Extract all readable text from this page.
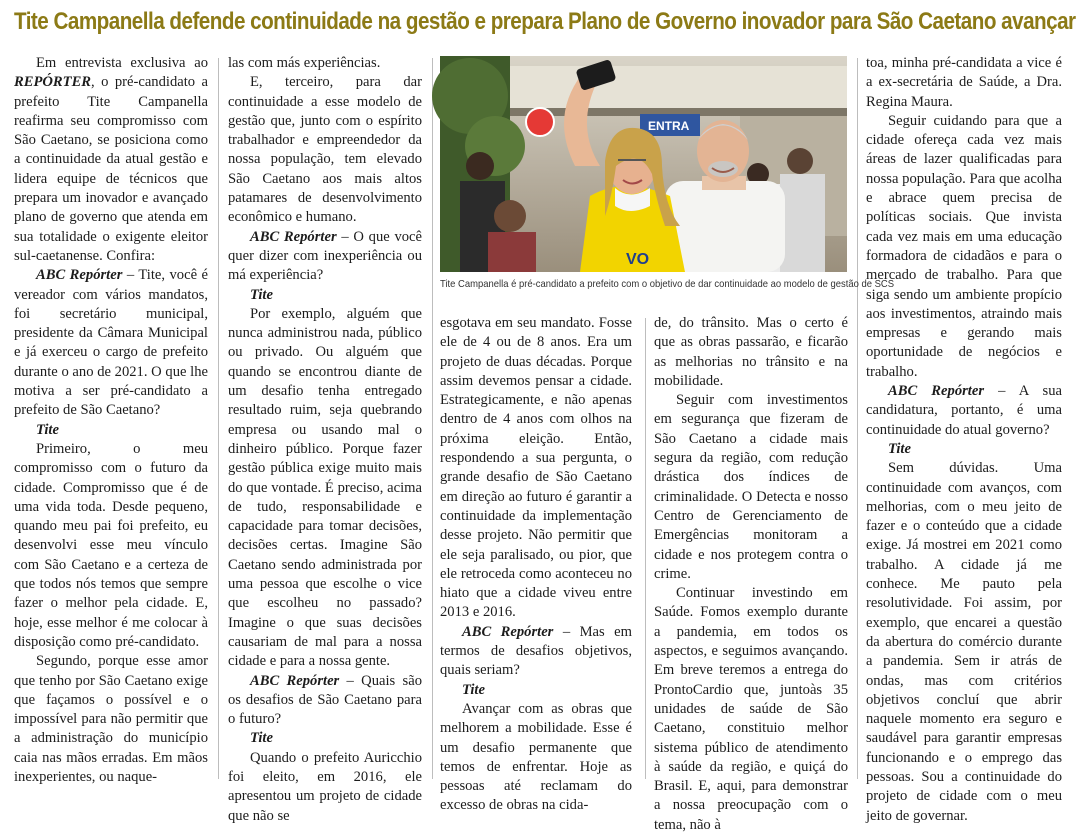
Tite Campanella defende continuidade na gestão e prepara Plano de Governo inovador para São Caetano avançar

Em entrevista exclusiva ao REPÓRTER, o pré-candidato a prefeito Tite Campanella reafirma seu compromisso com São Caetano, se posiciona como a continuidade da atual gestão e lidera equipe de técnicos que prepara um inovador e avançado plano de governo que atenda em sua totalidade o exigente eleitor sul-caetanense. Confira:

ABC Repórter – Tite, você é vereador com vários mandatos, foi secretário municipal, presidente da Câmara Municipal e já exerceu o cargo de prefeito durante o ano de 2021. O que lhe motiva a ser pré-candidato a prefeito de São Caetano?

Tite

Primeiro, o meu compromisso com o futuro da cidade. Compromisso que é de uma vida toda. Desde pequeno, quando meu pai foi prefeito, eu desenvolvi esse meu vínculo com São Caetano e a certeza de que todos nós temos que sempre fazer o melhor pela cidade. E, hoje, esse melhor é me colocar à disposição como pré-candidato.

Segundo, porque esse amor que tenho por São Caetano exige que façamos o possível e o impossível para não permitir que a administração do município caia nas mãos erradas. Em mãos inexperientes, ou naque-

las com más experiências.

E, terceiro, para dar continuidade a esse modelo de gestão que, junto com o espírito trabalhador e empreendedor da nossa população, tem elevado São Caetano aos mais altos patamares de desenvolvimento econômico e humano.

ABC Repórter – O que você quer dizer com inexperiência ou má experiência?

Tite

Por exemplo, alguém que nunca administrou nada, público ou privado. Ou alguém que quando se encontrou diante de um desafio tenha entregado resultado ruim, seja quebrando empresa ou usando mal o dinheiro público. Porque fazer gestão pública exige muito mais do que vontade. É preciso, acima de tudo, responsabilidade e capacidade para tomar decisões, decisões certas. Imagine São Caetano sendo administrada por uma pessoa que escolhe o vice que escolheu no passado? Imagine o que suas decisões causariam de mal para a nossa cidade e para a nossa gente.

ABC Repórter – Quais são os desafios de São Caetano para o futuro?

Tite

Quando o prefeito Auricchio foi eleito, em 2016, ele apresentou um projeto de cidade que não se

ENTRA
VO
Tite Campanella é pré-candidato a prefeito com o objetivo de dar continuidade ao modelo de gestão de SCS

esgotava em seu mandato. Fosse ele de 4 ou de 8 anos. Era um projeto de duas décadas. Porque assim devemos pensar a cidade. Estrategicamente, e não apenas dentro de 4 anos com olhos na próxima eleição. Então, respondendo a sua pergunta, o grande desafio de São Caetano em direção ao futuro é garantir a continuidade da implementação desse projeto. Não permitir que ele seja paralisado, ou pior, que ele retroceda como aconteceu no hiato que a cidade viveu entre 2013 e 2016.

ABC Repórter – Mas em termos de desafios objetivos, quais seriam?

Tite

Avançar com as obras que melhorem a mobilidade. Esse é um desafio permanente que temos de enfrentar. Hoje as pessoas até reclamam do excesso de obras na cida-

de, do trânsito. Mas o certo é que as obras passarão, e ficarão as melhorias no trânsito e na mobilidade.

Seguir com investimentos em segurança que fizeram de São Caetano a cidade mais segura da região, com redução drástica dos índices de criminalidade. O Detecta e nosso Centro de Gerenciamento de Emergências monitoram a cidade e nos protegem contra o crime.

Continuar investindo em Saúde. Fomos exemplo durante a pandemia, em todos os aspectos, e seguimos avançando. Em breve teremos a entrega do ProntoCardio que, juntoàs 35 unidades de saúde de São Caetano, constituio melhor sistema público de atendimento à saúde da região, e quiçá do Brasil. E, aqui, para demonstrar a nossa preocupação com o tema, não à

toa, minha pré-candidata a vice é a ex-secretária de Saúde, a Dra. Regina Maura.

Seguir cuidando para que a cidade ofereça cada vez mais áreas de lazer qualificadas para nossa população. Para que acolha e abrace quem precisa de políticas sociais. Que invista cada vez mais em uma educação formadora de cidadãos e para o mercado de trabalho. Para que siga sendo um ambiente propício aos investimentos, atraindo mais empresas e gerando mais oportunidade de negócios e trabalho.

ABC Repórter – A sua candidatura, portanto, é uma continuidade do atual governo?

Tite

Sem dúvidas. Uma continuidade com avanços, com melhorias, com o meu jeito de fazer e o conteúdo que a cidade exige. Já mostrei em 2021 como trabalho. A cidade já me conhece. Me pauto pela resolutividade. Foi assim, por exemplo, que encarei a questão da abertura do comércio durante a pandemia. Sem ir atrás de ondas, mas com critérios objetivos concluí que abrir naquele momento era seguro e saudável para garantir empresas funcionando e o emprego das pessoas. Sou a continuidade do projeto de cidade com o meu jeito de governar.
